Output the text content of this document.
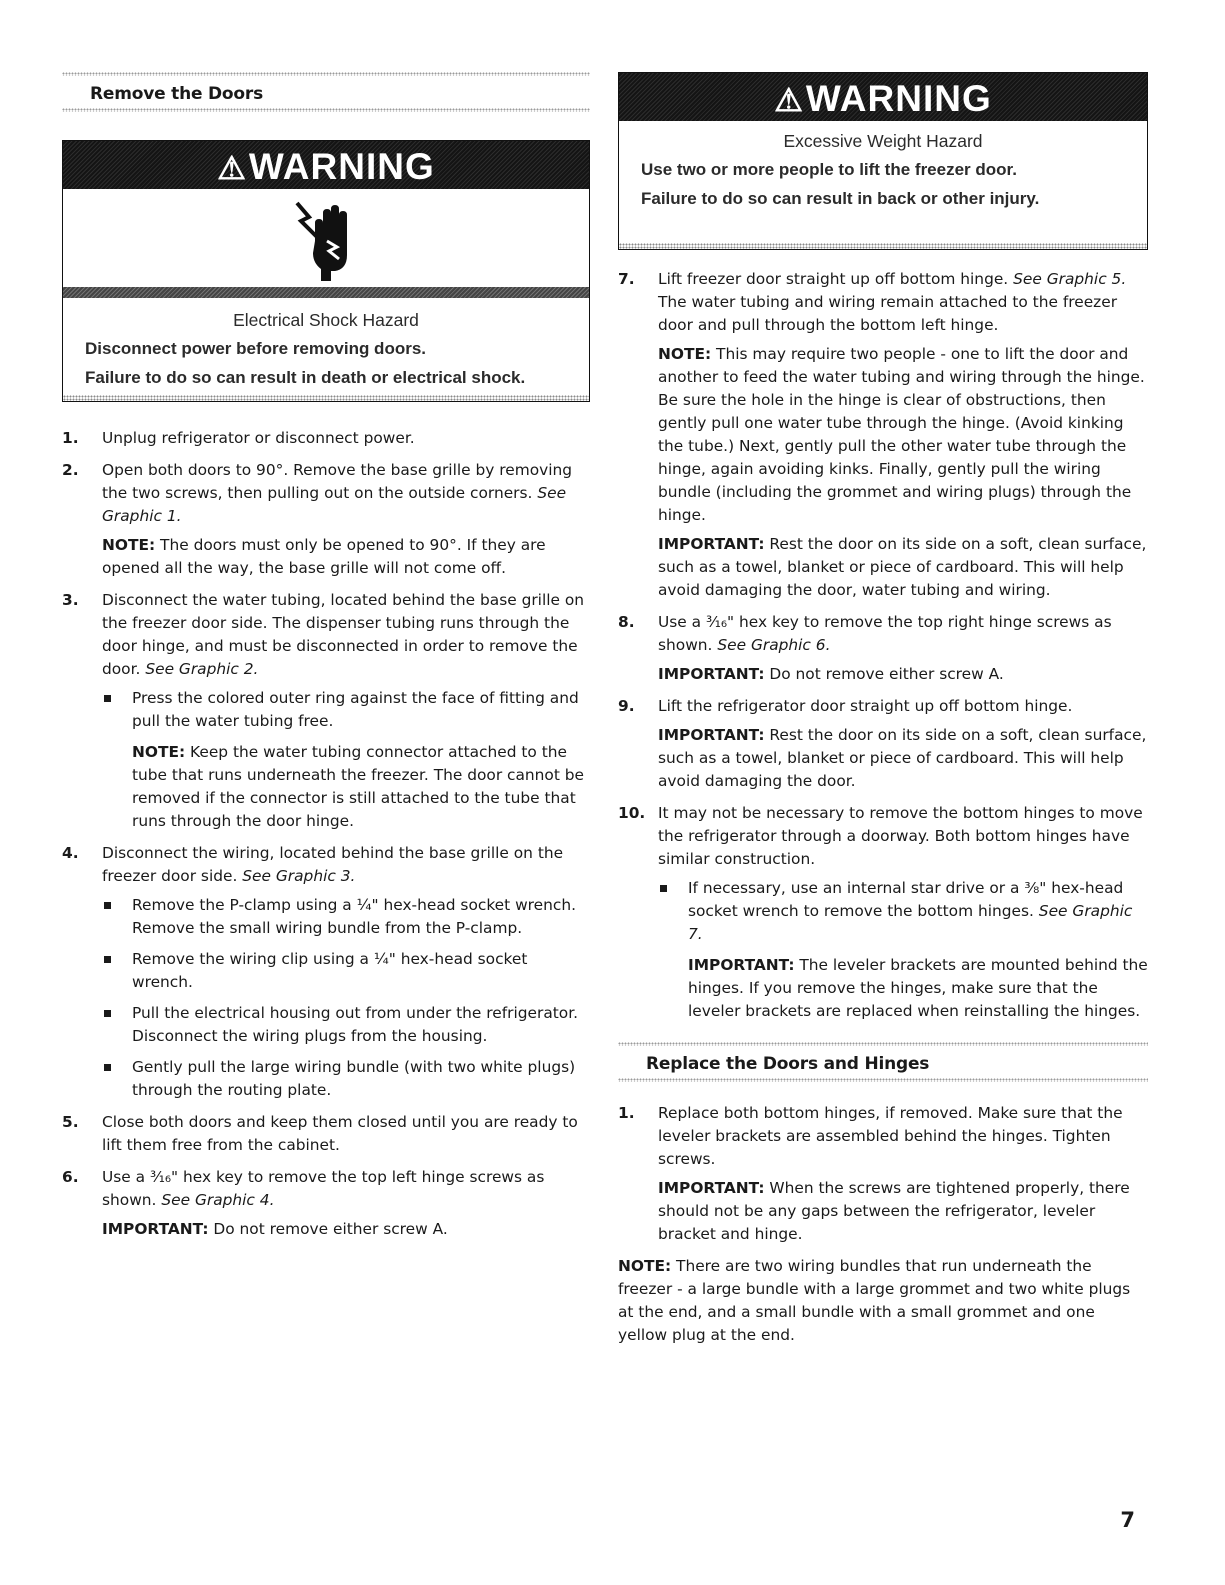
Remove the Doors
⚠WARNING
Electrical Shock Hazard
Disconnect power before removing doors.
Failure to do so can result in death or electrical shock.
1.	Unplug refrigerator or disconnect power.
2.	Open both doors to 90°. Remove the base grille by removing the two screws, then pulling out on the outside corners. See Graphic 1.
NOTE: The doors must only be opened to 90°. If they are opened all the way, the base grille will not come off.
3.	Disconnect the water tubing, located behind the base grille on the freezer door side. The dispenser tubing runs through the door hinge, and must be disconnected in order to remove the door. See Graphic 2.
Press the colored outer ring against the face of fitting and pull the water tubing free.
NOTE: Keep the water tubing connector attached to the tube that runs underneath the freezer. The door cannot be removed if the connector is still attached to the tube that runs through the door hinge.
4.	Disconnect the wiring, located behind the base grille on the freezer door side. See Graphic 3.
Remove the P-clamp using a ¼" hex-head socket wrench. Remove the small wiring bundle from the P-clamp.
Remove the wiring clip using a ¼" hex-head socket wrench.
Pull the electrical housing out from under the refrigerator. Disconnect the wiring plugs from the housing.
Gently pull the large wiring bundle (with two white plugs) through the routing plate.
5.	Close both doors and keep them closed until you are ready to lift them free from the cabinet.
6.	Use a ³⁄₁₆" hex key to remove the top left hinge screws as shown. See Graphic 4.
IMPORTANT: Do not remove either screw A.
⚠WARNING
Excessive Weight Hazard
Use two or more people to lift the freezer door.
Failure to do so can result in back or other injury.
7.	Lift freezer door straight up off bottom hinge. See Graphic 5. The water tubing and wiring remain attached to the freezer door and pull through the bottom left hinge.
NOTE: This may require two people - one to lift the door and another to feed the water tubing and wiring through the hinge. Be sure the hole in the hinge is clear of obstructions, then gently pull one water tube through the hinge. (Avoid kinking the tube.) Next, gently pull the other water tube through the hinge, again avoiding kinks. Finally, gently pull the wiring bundle (including the grommet and wiring plugs) through the hinge.
IMPORTANT: Rest the door on its side on a soft, clean surface, such as a towel, blanket or piece of cardboard. This will help avoid damaging the door, water tubing and wiring.
8.	Use a ³⁄₁₆" hex key to remove the top right hinge screws as shown. See Graphic 6.
IMPORTANT: Do not remove either screw A.
9.	Lift the refrigerator door straight up off bottom hinge.
IMPORTANT: Rest the door on its side on a soft, clean surface, such as a towel, blanket or piece of cardboard. This will help avoid damaging the door.
10. It may not be necessary to remove the bottom hinges to move the refrigerator through a doorway. Both bottom hinges have similar construction.
If necessary, use an internal star drive or a ⅜" hex-head socket wrench to remove the bottom hinges. See Graphic 7.
IMPORTANT: The leveler brackets are mounted behind the hinges. If you remove the hinges, make sure that the leveler brackets are replaced when reinstalling the hinges.
Replace the Doors and Hinges
1.	Replace both bottom hinges, if removed. Make sure that the leveler brackets are assembled behind the hinges. Tighten screws.
IMPORTANT: When the screws are tightened properly, there should not be any gaps between the refrigerator, leveler bracket and hinge.
NOTE: There are two wiring bundles that run underneath the freezer - a large bundle with a large grommet and two white plugs at the end, and a small bundle with a small grommet and one yellow plug at the end.
7
